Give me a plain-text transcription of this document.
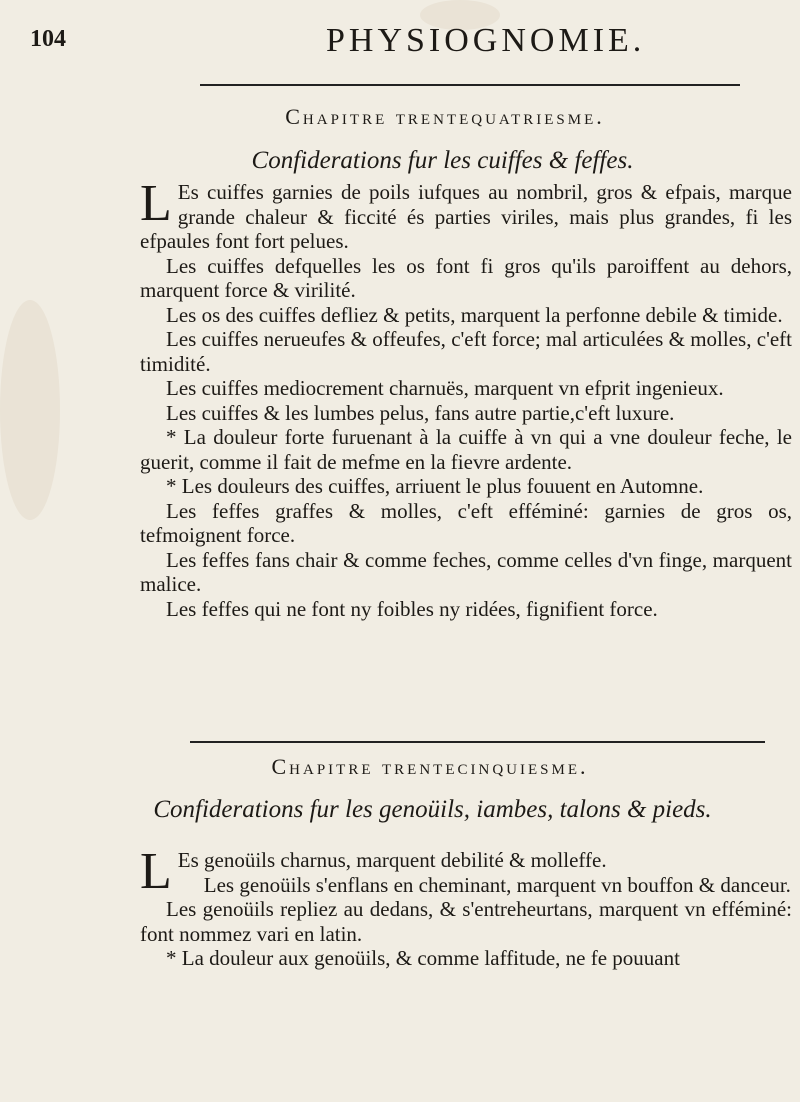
104	PHYSIOGNOMIE.
Chapitre trentequatriesme.
Confiderations fur les cuiffes & feffes.

L Es cuiffes garnies de poils iufques au nombril, gros & efpais, marque grande chaleur & ficcité és parties viriles, mais plus grandes, fi les efpaules font fort pelues.

Les cuiffes defquelles les os font fi gros qu'ils paroiffent au dehors, marquent force & virilité.

Les os des cuiffes defliez & petits, marquent la perfonne debile & timide.

Les cuiffes nerueufes & offeufes, c'eft force; mal articulées & molles, c'eft timidité.

Les cuiffes mediocrement charnuës, marquent vn efprit ingenieux.

Les cuiffes & les lumbes pelus, fans autre partie,c'eft luxure.

* La douleur forte furuenant à la cuiffe à vn qui a vne douleur feche, le guerit, comme il fait de mefme en la fievre ardente.

* Les douleurs des cuiffes, arriuent le plus fouuent en Automne.

Les feffes graffes & molles, c'eft efféminé: garnies de gros os, tefmoignent force.

Les feffes fans chair & comme feches, comme celles d'vn finge, marquent malice.

Les feffes qui ne font ny foibles ny ridées, fignifient force.

Chapitre trentecinquiesme.
Confiderations fur les genoüils, iambes, talons & pieds.

L Es genoüils charnus, marquent debilité & molleffe.

Les genoüils s'enflans en cheminant, marquent vn bouffon & danceur.

Les genoüils repliez au dedans, & s'entreheurtans, marquent vn efféminé: font nommez vari en latin.

* La douleur aux genoüils, & comme laffitude, ne fe pouuant
